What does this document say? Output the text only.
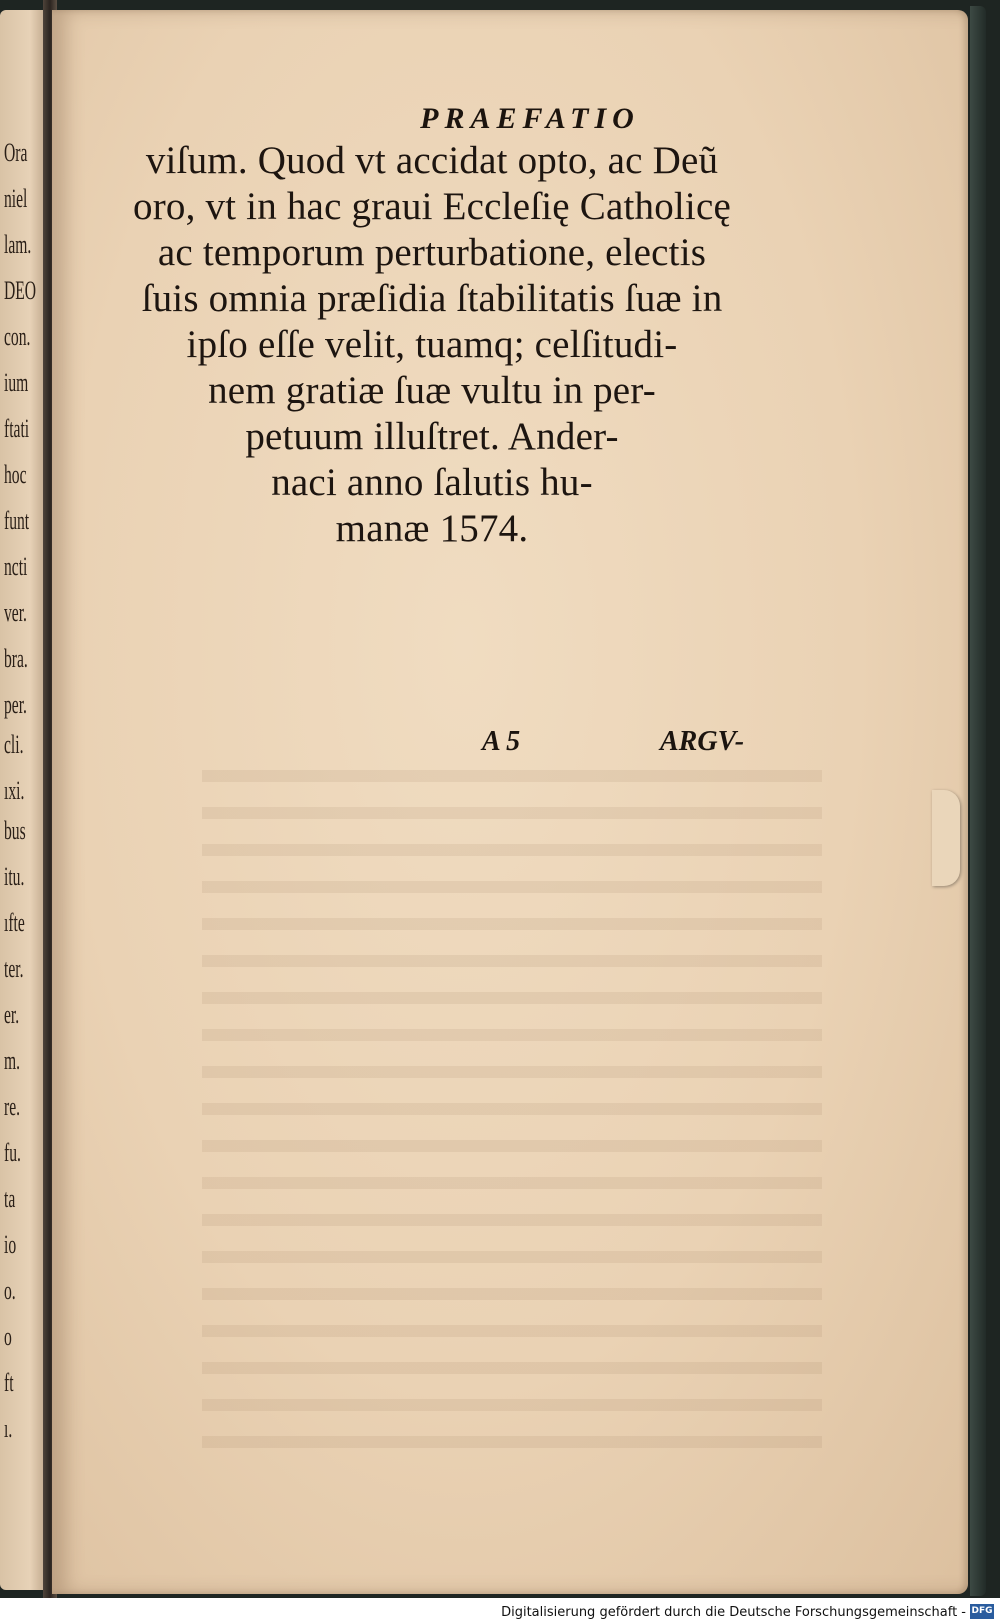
Ora
niel
lam.
DEO
con.
ium
ftati
hoc
funt
ncti
ver.
bra.
per.
cli.
ıxi.
bus
itu.
ıfte
ter.
er.
m.
re.
fu.
ta
io
o.
o
ft
ı.

PRAEFATIO
viſum. Quod vt accidat opto, ac Deũ
oro, vt in hac graui Eccleſię Catholicę
ac temporum perturbatione, electis
ſuis omnia præſidia ſtabilitatis ſuæ in
ipſo eſſe velit, tuamq; celſitudi-
nem gratiæ ſuæ vultu in per-
petuum illuſtret. Ander-
naci anno ſalutis hu-
manæ 1574.
A 5	ARGV-
Digitalisierung gefördert durch die Deutsche Forschungsgemeinschaft - DFG
